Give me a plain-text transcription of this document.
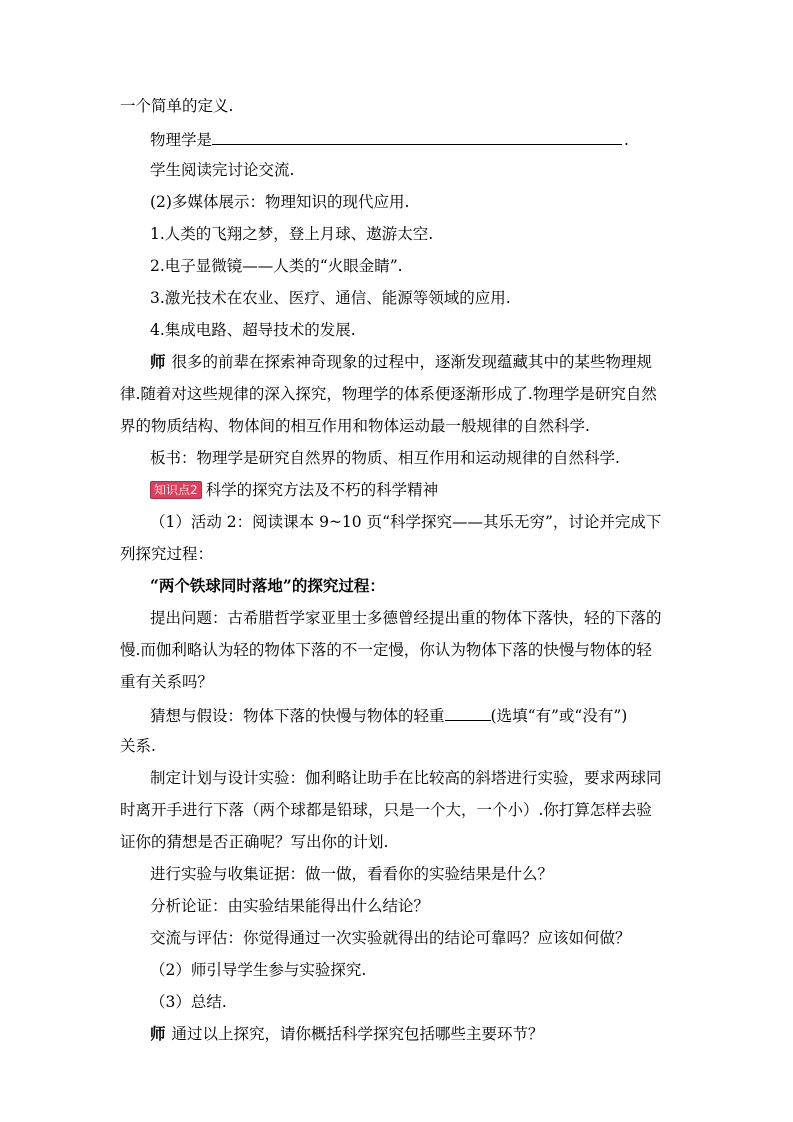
一个简单的定义.
物理学是	.
学生阅读完讨论交流.
(2)多媒体展示：物理知识的现代应用.
1.人类的飞翔之梦，登上月球、遨游太空.
2.电子显微镜——人类的“火眼金睛”.
3.激光技术在农业、医疗、通信、能源等领域的应用.
4.集成电路、超导技术的发展.
师 很多的前辈在探索神奇现象的过程中，逐渐发现蕴藏其中的某些物理规
律.随着对这些规律的深入探究，物理学的体系便逐渐形成了.物理学是研究自然
界的物质结构、物体间的相互作用和物体运动最一般规律的自然科学.
板书：物理学是研究自然界的物质、相互作用和运动规律的自然科学.
知识点2 科学的探究方法及不朽的科学精神
（1）活动 2：阅读课本 9~10 页“科学探究——其乐无穷”，讨论并完成下
列探究过程：
“两个铁球同时落地”的探究过程：
提出问题：古希腊哲学家亚里士多德曾经提出重的物体下落快，轻的下落的
慢.而伽利略认为轻的物体下落的不一定慢，你认为物体下落的快慢与物体的轻
重有关系吗？
猜想与假设：物体下落的快慢与物体的轻重	(选填“有”或“没有”)
关系.
制定计划与设计实验：伽利略让助手在比较高的斜塔进行实验，要求两球同
时离开手进行下落（两个球都是铅球，只是一个大，一个小）.你打算怎样去验
证你的猜想是否正确呢？写出你的计划.
进行实验与收集证据：做一做，看看你的实验结果是什么？
分析论证：由实验结果能得出什么结论？
交流与评估：你觉得通过一次实验就得出的结论可靠吗？应该如何做？
（2）师引导学生参与实验探究.
（3）总结.
师 通过以上探究，请你概括科学探究包括哪些主要环节？
